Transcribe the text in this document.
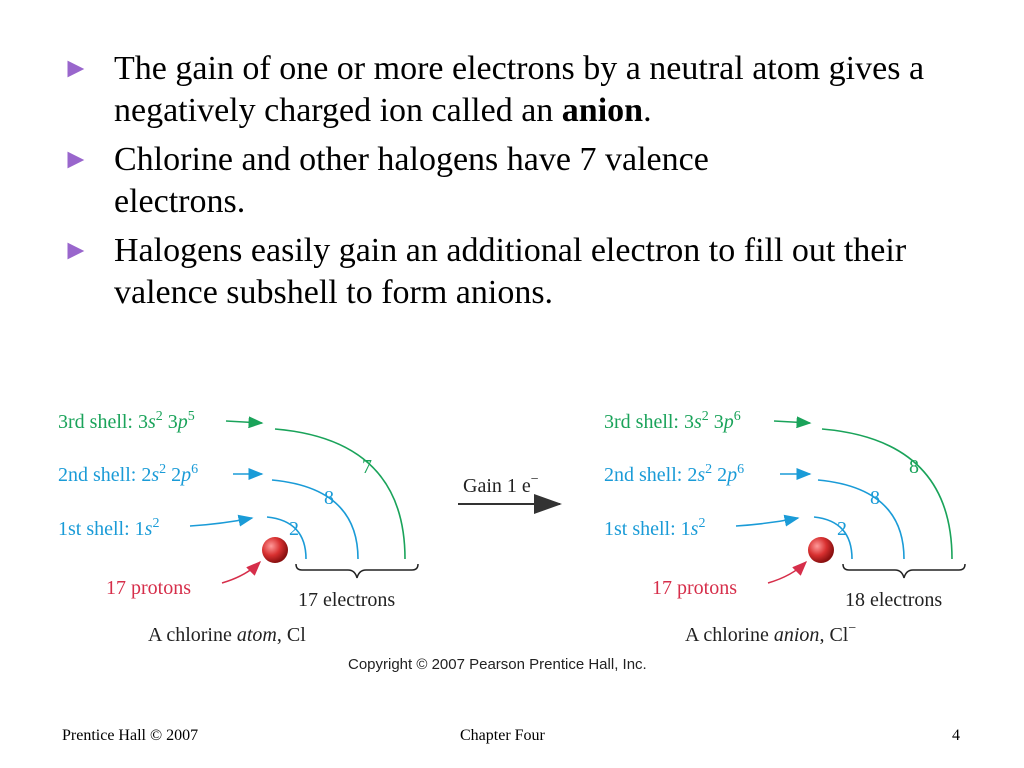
► The gain of one or more electrons by a neutral atom gives a negatively charged ion called an anion.
► Chlorine and other halogens have 7 valence electrons.
► Halogens easily gain an additional electron to fill out their valence subshell to form anions.
3rd shell: $3s^2$ $3p^5$
2nd shell: $2s^2$ $2p^6$
1st shell: $1s^2$
7
8
2
17 protons
17 electrons
A chlorine atom, Cl
Gain 1 e−
3rd shell: $3s^2$ $3p^6$
2nd shell: $2s^2$ $2p^6$
1st shell: $1s^2$
8
8
2
17 protons
18 electrons
A chlorine anion, Cl−
Copyright © 2007 Pearson Prentice Hall, Inc.
Prentice Hall © 2007	Chapter Four	4
